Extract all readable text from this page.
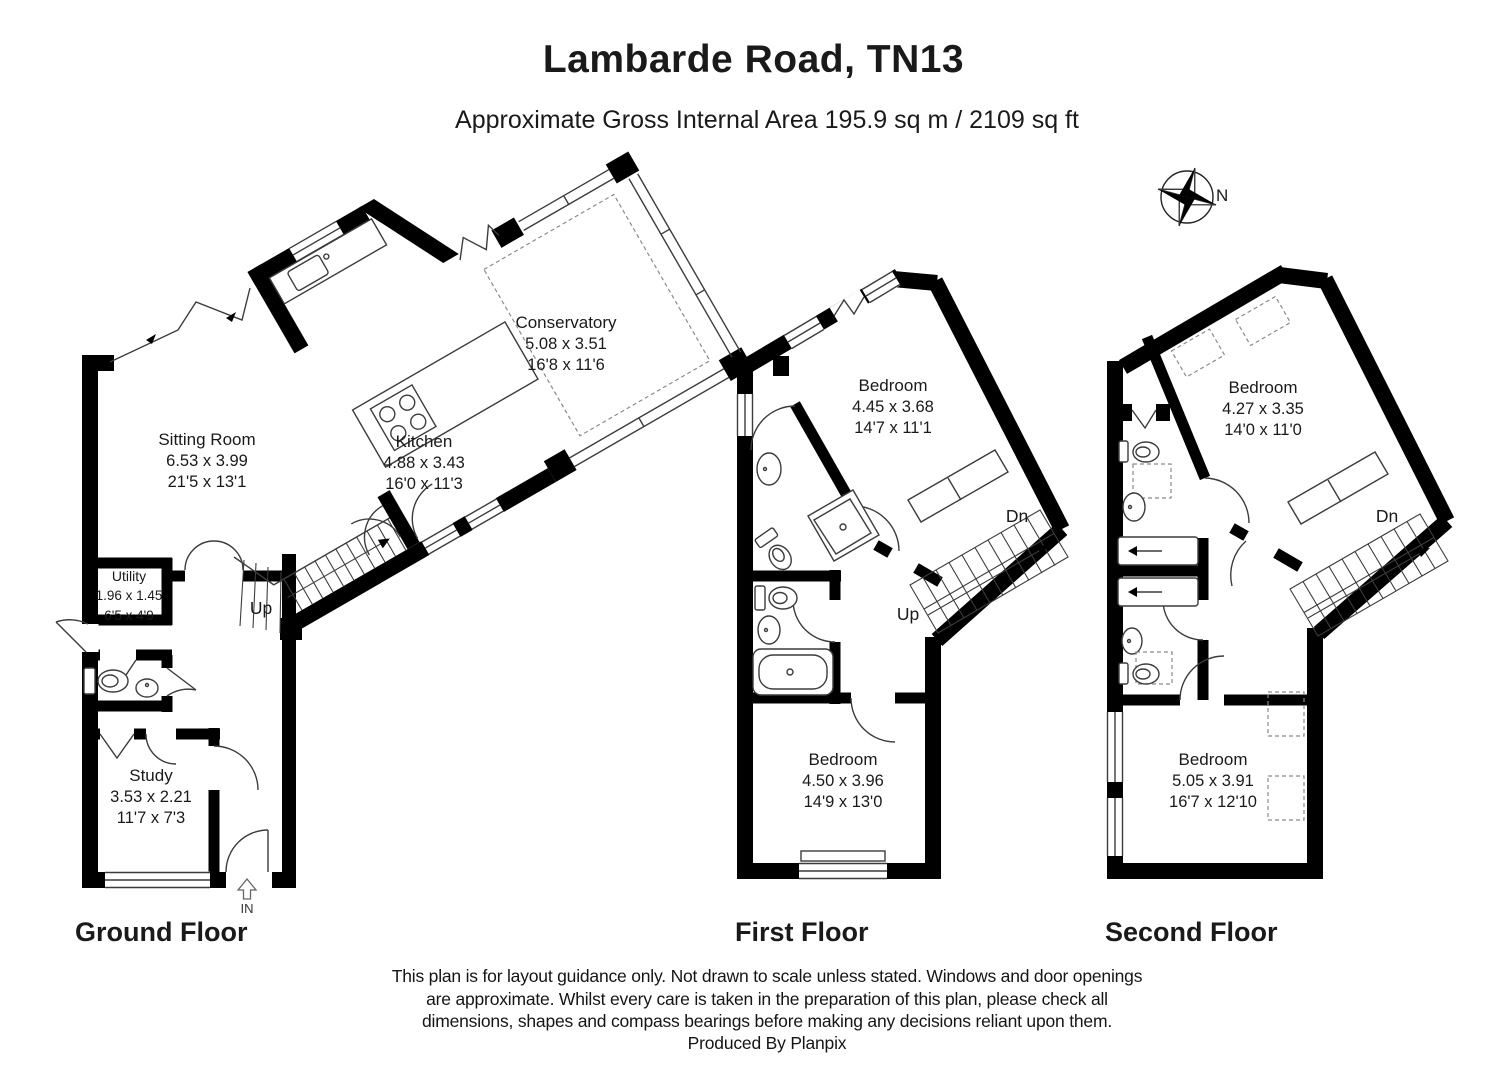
Lambarde Road, TN13
Approximate Gross Internal Area 195.9 sq m / 2109 sq ft
N
Sitting Room
6.53 x 3.99
21'5 x 13'1
Kitchen
4.88 x 3.43
16'0 x 11'3
Conservatory
5.08 x 3.51
16'8 x 11'6
Utility
1.96 x 1.45
6'5 x 4'9
Study
3.53 x 2.21
11'7 x 7'3
Up
IN
Bedroom
4.45 x 3.68
14'7 x 11'1
Bedroom
4.50 x 3.96
14'9 x 13'0
Dn
Up
Bedroom
4.27 x 3.35
14'0 x 11'0
Bedroom
5.05 x 3.91
16'7 x 12'10
Dn
Ground Floor	First Floor	Second Floor
This plan is for layout guidance only. Not drawn to scale unless stated. Windows and door openings
are approximate. Whilst every care is taken in the preparation of this plan, please check all
dimensions, shapes and compass bearings before making any decisions reliant upon them.
Produced By Planpix
